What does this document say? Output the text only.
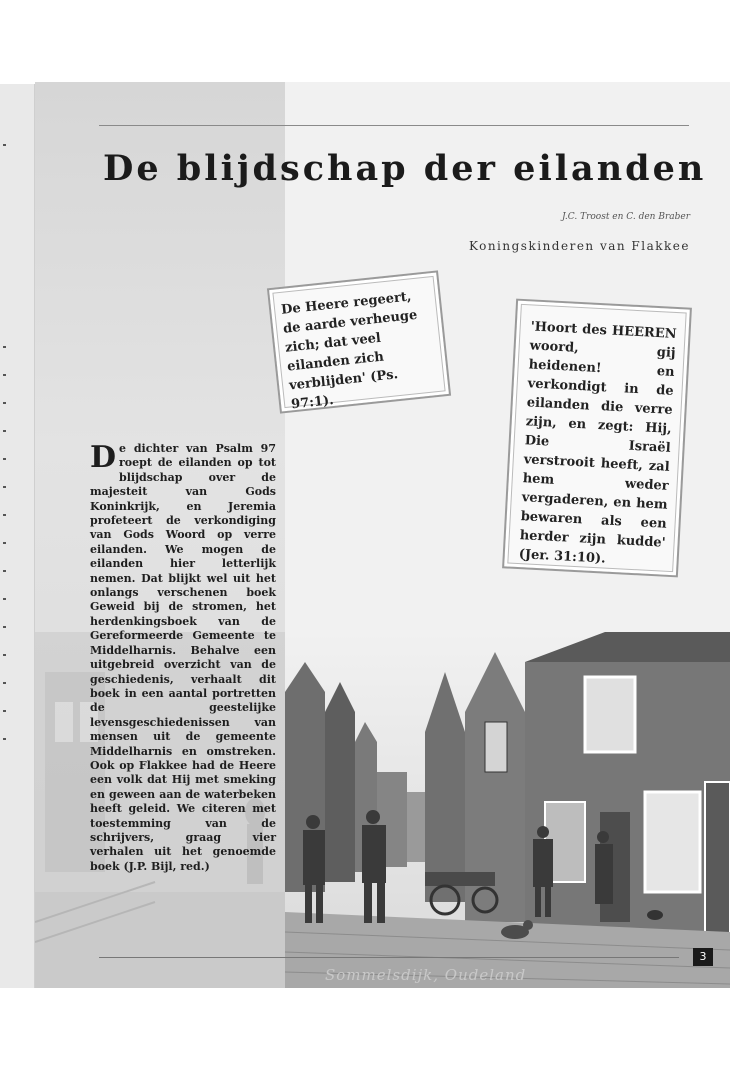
De blijdschap der eilanden
J.C. Troost en C. den Braber
Koningskinderen van Flakkee
De Heere regeert, de aarde verheuge zich; dat veel eilanden zich verblijden' (Ps. 97:1).
'Hoort des HEEREN woord, gij heidenen! en verkondigt in de eilanden die verre zijn, en zegt: Hij, Die Israël verstrooit heeft, zal hem weder vergaderen, en hem bewaren als een herder zijn kudde' (Jer. 31:10).
De dichter van Psalm 97 roept de eilanden op tot blijdschap over de majesteit van Gods Koninkrijk, en Jeremia profeteert de verkondiging van Gods Woord op verre eilanden. We mogen de eilanden hier letterlijk nemen. Dat blijkt wel uit het onlangs verschenen boek Geweid bij de stromen, het herdenkingsboek van de Gereformeerde Gemeente te Middelharnis. Behalve een uitgebreid overzicht van de geschiedenis, verhaalt dit boek in een aantal portretten de geestelijke levensgeschiedenissen van mensen uit de gemeente Middelharnis en omstreken. Ook op Flakkee had de Heere een volk dat Hij met smeking en geween aan de waterbeken heeft geleid. We citeren met toestemming van de schrijvers, graag vier verhalen uit het genoemde boek (J.P. Bijl, red.)
3
Sommelsdijk, Oudeland
